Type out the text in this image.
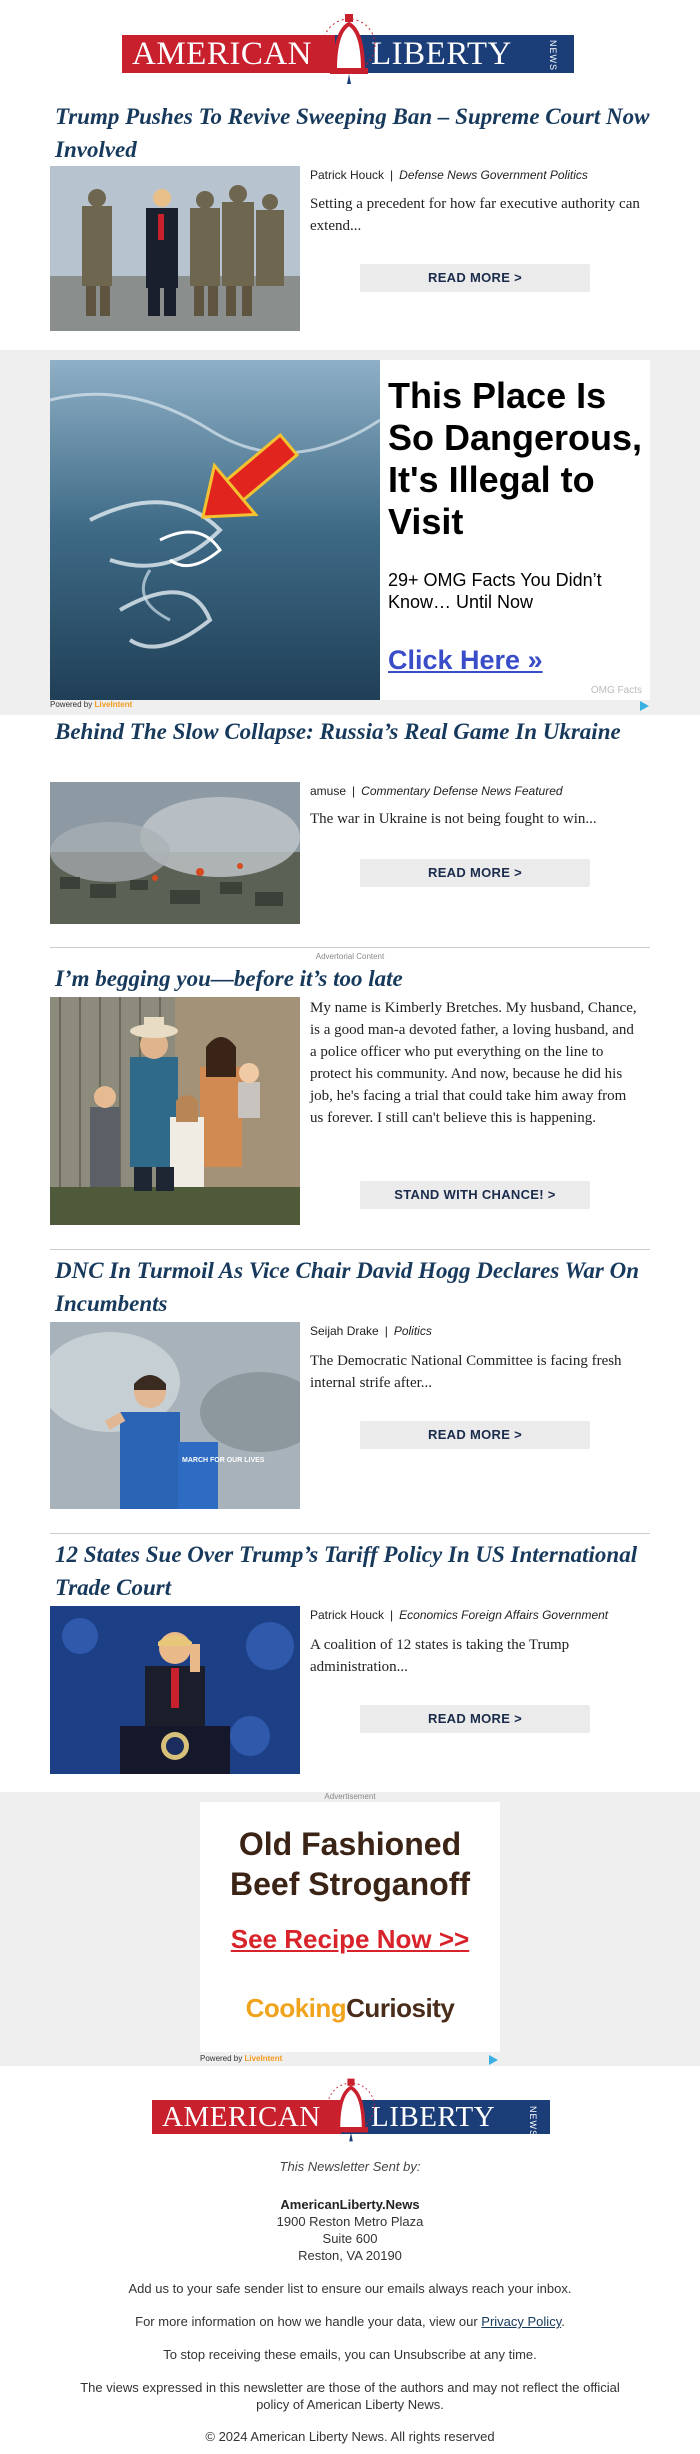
AMERICAN	LIBERTY	NEWS
Trump Pushes To Revive Sweeping Ban – Supreme Court Now Involved
Patrick Houck | Defense News Government Politics
Setting a precedent for how far executive authority can extend...
READ MORE >
This Place Is So Dangerous, It's Illegal to Visit
29+ OMG Facts You Didn’t Know… Until Now
Click Here »
OMG Facts
Powered by LiveIntent
Behind The Slow Collapse: Russia’s Real Game In Ukraine
amuse | Commentary Defense News Featured
The war in Ukraine is not being fought to win...
READ MORE >
Advertorial Content
I’m begging you—before it’s too late
My name is Kimberly Bretches. My husband, Chance, is a good man-a devoted father, a loving husband, and a police officer who put everything on the line to protect his community. And now, because he did his job, he's facing a trial that could take him away from us forever. I still can't believe this is happening.
STAND WITH CHANCE! >
DNC In Turmoil As Vice Chair David Hogg Declares War On Incumbents
MARCH FOR OUR LIVES
Seijah Drake | Politics
The Democratic National Committee is facing fresh internal strife after...
READ MORE >
12 States Sue Over Trump’s Tariff Policy In US International Trade Court
Patrick Houck | Economics Foreign Affairs Government
A coalition of 12 states is taking the Trump administration...
READ MORE >
Advertisement
Old Fashioned Beef Stroganoff
See Recipe Now >>
CookingCuriosity
Powered by LiveIntent
AMERICAN	LIBERTY	NEWS
This Newsletter Sent by:
AmericanLiberty.News
1900 Reston Metro Plaza
Suite 600
Reston, VA 20190
Add us to your safe sender list to ensure our emails always reach your inbox.
For more information on how we handle your data, view our Privacy Policy.
To stop receiving these emails, you can Unsubscribe at any time.
The views expressed in this newsletter are those of the authors and may not reflect the official policy of American Liberty News.
© 2024 American Liberty News. All rights reserved
